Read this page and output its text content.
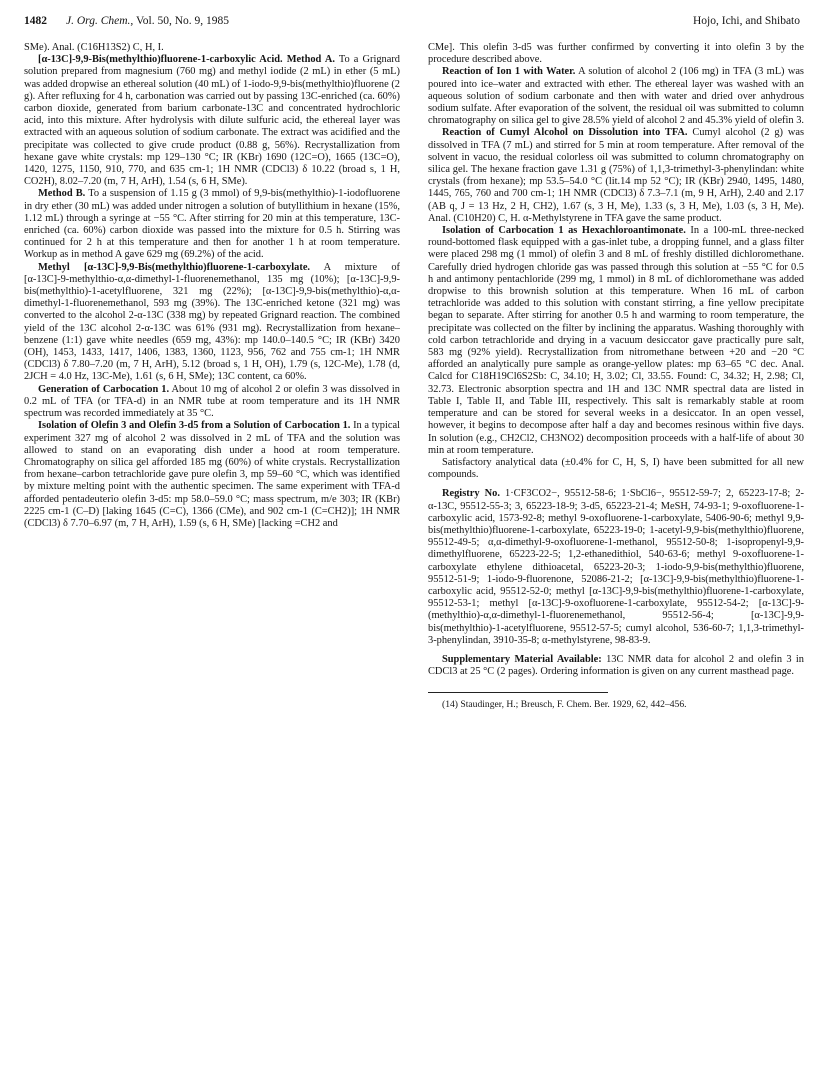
1482 J. Org. Chem., Vol. 50, No. 9, 1985	Hojo, Ichi, and Shibato

SMe). Anal. (C16H13S2) C, H, I.

[α-13C]-9,9-Bis(methylthio)fluorene-1-carboxylic Acid. Method A. To a Grignard solution prepared from magnesium (760 mg) and methyl iodide (2 mL) in ether (5 mL) was added dropwise an ethereal solution (40 mL) of 1-iodo-9,9-bis(methylthio)fluorene (2 g). After refluxing for 4 h, carbonation was carried out by passing 13C-enriched (ca. 60%) carbon dioxide, generated from barium carbonate-13C and concentrated hydrochloric acid, into this mixture. After hydrolysis with dilute sulfuric acid, the ethereal layer was extracted with an aqueous solution of sodium carbonate. The extract was acidified and the precipitate was collected to give crude product (0.88 g, 56%). Recrystallization from hexane gave white crystals: mp 129–130 °C; IR (KBr) 1690 (12C=O), 1665 (13C=O), 1420, 1275, 1150, 910, 770, and 635 cm-1; 1H NMR (CDCl3) δ 10.22 (broad s, 1 H, CO2H), 8.02–7.20 (m, 7 H, ArH), 1.54 (s, 6 H, SMe).

Method B. To a suspension of 1.15 g (3 mmol) of 9,9-bis(methylthio)-1-iodofluorene in dry ether (30 mL) was added under nitrogen a solution of butyllithium in hexane (15%, 1.12 mL) through a syringe at −55 °C. After stirring for 20 min at this temperature, 13C-enriched (ca. 60%) carbon dioxide was passed into the mixture for 0.5 h. Stirring was continued for 2 h at this temperature and then for another 1 h at room temperature. Workup as in method A gave 629 mg (69.2%) of the acid.

Methyl [α-13C]-9,9-Bis(methylthio)fluorene-1-carboxylate. A mixture of [α-13C]-9-methylthio-α,α-dimethyl-1-fluorenemethanol, 135 mg (10%); [α-13C]-9,9-bis(methylthio)-1-acetylfluorene, 321 mg (22%); [α-13C]-9,9-bis(methylthio)-α,α-dimethyl-1-fluorenemethanol, 593 mg (39%). The 13C-enriched ketone (321 mg) was converted to the alcohol 2-α-13C (338 mg) by repeated Grignard reaction. The combined yield of the 13C alcohol 2-α-13C was 61% (931 mg). Recrystallization from hexane–benzene (1:1) gave white needles (659 mg, 43%): mp 140.0–140.5 °C; IR (KBr) 3420 (OH), 1453, 1433, 1417, 1406, 1383, 1360, 1123, 956, 762 and 755 cm-1; 1H NMR (CDCl3) δ 7.80–7.20 (m, 7 H, ArH), 5.12 (broad s, 1 H, OH), 1.79 (s, 12C-Me), 1.78 (d, 2JCH = 4.0 Hz, 13C-Me), 1.61 (s, 6 H, SMe); 13C content, ca 60%.

Generation of Carbocation 1. About 10 mg of alcohol 2 or olefin 3 was dissolved in 0.2 mL of TFA (or TFA-d) in an NMR tube at room temperature and its 1H NMR spectrum was recorded immediately at 35 °C.

Isolation of Olefin 3 and Olefin 3-d5 from a Solution of Carbocation 1. In a typical experiment 327 mg of alcohol 2 was dissolved in 2 mL of TFA and the solution was allowed to stand on an evaporating dish under a hood at room temperature. Chromatography on silica gel afforded 185 mg (60%) of white crystals. Recrystallization from hexane–carbon tetrachloride gave pure olefin 3, mp 59–60 °C, which was identified by mixture melting point with the authentic specimen. The same experiment with TFA-d afforded pentadeuterio olefin 3-d5: mp 58.0–59.0 °C; mass spectrum, m/e 303; IR (KBr) 2225 cm-1 (C–D) [laking 1645 (C=C), 1366 (CMe), and 902 cm-1 (C=CH2)]; 1H NMR (CDCl3) δ 7.70–6.97 (m, 7 H, ArH), 1.59 (s, 6 H, SMe) [lacking =CH2 and

CMe]. This olefin 3-d5 was further confirmed by converting it into olefin 3 by the procedure described above.

Reaction of Ion 1 with Water. A solution of alcohol 2 (106 mg) in TFA (3 mL) was poured into ice–water and extracted with ether. The ethereal layer was washed with an aqueous solution of sodium carbonate and then with water and dried over anhydrous sodium sulfate. After evaporation of the solvent, the residual oil was submitted to column chromatography on silica gel to give 28.5% yield of alcohol 2 and 45.3% yield of olefin 3.

Reaction of Cumyl Alcohol on Dissolution into TFA. Cumyl alcohol (2 g) was dissolved in TFA (7 mL) and stirred for 5 min at room temperature. After removal of the solvent in vacuo, the residual colorless oil was submitted to column chromatography on silica gel. The hexane fraction gave 1.31 g (75%) of 1,1,3-trimethyl-3-phenylindan: white crystals (from hexane); mp 53.5–54.0 °C (lit.14 mp 52 °C); IR (KBr) 2940, 1495, 1480, 1445, 765, 760 and 700 cm-1; 1H NMR (CDCl3) δ 7.3–7.1 (m, 9 H, ArH), 2.40 and 2.17 (AB q, J = 13 Hz, 2 H, CH2), 1.67 (s, 3 H, Me), 1.33 (s, 3 H, Me), 1.03 (s, 3 H, Me). Anal. (C10H20) C, H. α-Methylstyrene in TFA gave the same product.

Isolation of Carbocation 1 as Hexachloroantimonate. In a 100-mL three-necked round-bottomed flask equipped with a gas-inlet tube, a dropping funnel, and a glass filter were placed 298 mg (1 mmol) of olefin 3 and 8 mL of freshly distilled dichloromethane. Carefully dried hydrogen chloride gas was passed through this solution at −55 °C for 0.5 h and antimony pentachloride (299 mg, 1 mmol) in 8 mL of dichloromethane was added dropwise to this brownish solution at this temperature. When 16 mL of carbon tetrachloride was added to this solution with constant stirring, a fine yellow precipitate began to separate. After stirring for another 0.5 h and warming to room temperature, the precipitate was collected on the filter by inclining the apparatus. Washing thoroughly with cold carbon tetrachloride and drying in a vacuum desiccator gave practically pure salt, 583 mg (92% yield). Recrystallization from nitromethane between +20 and −20 °C afforded an analytically pure sample as orange-yellow plates: mp 63–65 °C dec. Anal. Calcd for C18H19Cl6S2Sb: C, 34.10; H, 3.02; Cl, 33.55. Found: C, 34.32; H, 2.98; Cl, 32.73. Electronic absorption spectra and 1H and 13C NMR spectral data are listed in Table I, Table II, and Table III, respectively. This salt is remarkably stable at room temperature and can be stored for several weeks in a desiccator. In an open vessel, however, it begins to decompose after half a day and becomes resinous within five days. In solution (e.g., CH2Cl2, CH3NO2) decomposition proceeds with a half-life of about 30 min at room temperature.

Satisfactory analytical data (±0.4% for C, H, S, I) have been submitted for all new compounds.

Registry No. 1·CF3CO2−, 95512-58-6; 1·SbCl6−, 95512-59-7; 2, 65223-17-8; 2-α-13C, 95512-55-3; 3, 65223-18-9; 3-d5, 65223-21-4; MeSH, 74-93-1; 9-oxofluorene-1-carboxylic acid, 1573-92-8; methyl 9-oxofluorene-1-carboxylate, 5406-90-6; methyl 9,9-bis(methylthio)fluorene-1-carboxylate, 65223-19-0; 1-acetyl-9,9-bis(methylthio)fluorene, 95512-49-5; α,α-dimethyl-9-oxofluorene-1-methanol, 95512-50-8; 1-isopropenyl-9,9-dimethylfluorene, 65223-22-5; 1,2-ethanedithiol, 540-63-6; methyl 9-oxofluorene-1-carboxylate ethylene dithioacetal, 65223-20-3; 1-iodo-9,9-bis(methylthio)fluorene, 95512-51-9; 1-iodo-9-fluorenone, 52086-21-2; [α-13C]-9,9-bis(methylthio)fluorene-1-carboxylic acid, 95512-52-0; methyl [α-13C]-9,9-bis(methylthio)fluorene-1-carboxylate, 95512-53-1; methyl [α-13C]-9-oxofluorene-1-carboxylate, 95512-54-2; [α-13C]-9-(methylthio)-α,α-dimethyl-1-fluorenemethanol, 95512-56-4; [α-13C]-9,9-bis(methylthio)-1-acetylfluorene, 95512-57-5; cumyl alcohol, 536-60-7; 1,1,3-trimethyl-3-phenylindan, 3910-35-8; α-methylstyrene, 98-83-9.

Supplementary Material Available: 13C NMR data for alcohol 2 and olefin 3 in CDCl3 at 25 °C (2 pages). Ordering information is given on any current masthead page.

(14) Staudinger, H.; Breusch, F. Chem. Ber. 1929, 62, 442–456.
